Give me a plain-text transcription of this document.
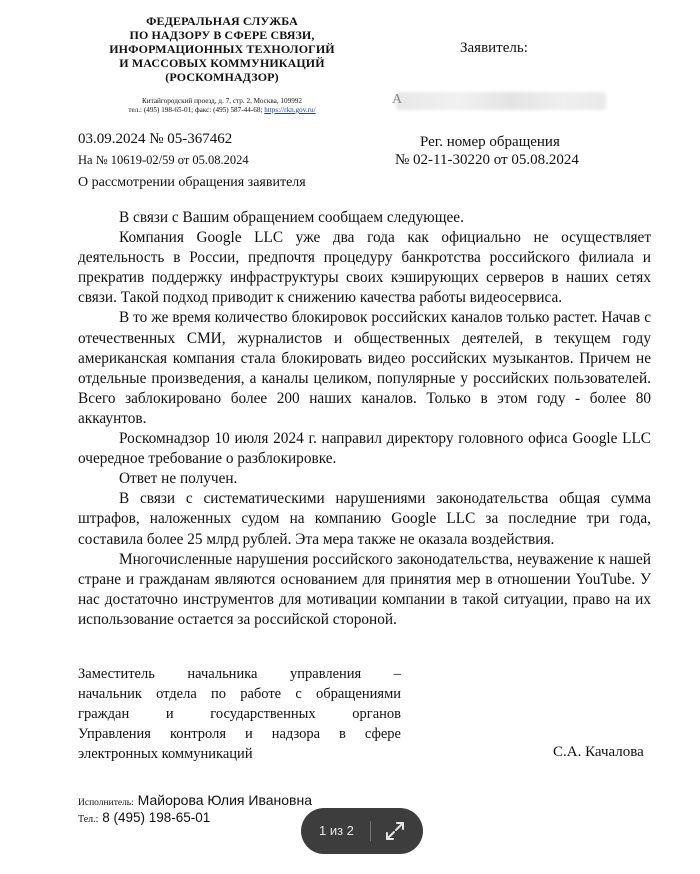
ФЕДЕРАЛЬНАЯ СЛУЖБА
ПО НАДЗОРУ В СФЕРЕ СВЯЗИ,
ИНФОРМАЦИОННЫХ ТЕХНОЛОГИЙ
И МАССОВЫХ КОММУНИКАЦИЙ
(РОСКОМНАДЗОР)
Китайгородский проезд, д. 7, стр. 2, Москва, 109992
тел.: (495) 198-65-01; факс: (495) 587-44-68; https://rkn.gov.ru/
Заявитель:
А
03.09.2024 № 05-367462
На № 10619-02/59 от 05.08.2024
О рассмотрении обращения заявителя
Рег. номер обращения
№ 02-11-30220 от 05.08.2024

В связи с Вашим обращением сообщаем следующее.

Компания Google LLC уже два года как официально не осуществляет деятельность в России, предпочтя процедуру банкротства российского филиала и прекратив поддержку инфраструктуры своих кэширующих серверов в наших сетях связи. Такой подход приводит к снижению качества работы видеосервиса.

В то же время количество блокировок российских каналов только растет. Начав с отечественных СМИ, журналистов и общественных деятелей, в текущем году американская компания стала блокировать видео российских музыкантов. Причем не отдельные произведения, а каналы целиком, популярные у российских пользователей. Всего заблокировано более 200 наших каналов. Только в этом году - более 80 аккаунтов.

Роскомнадзор 10 июля 2024 г. направил директору головного офиса Google LLC очередное требование о разблокировке.

Ответ не получен.

В связи с систематическими нарушениями законодательства общая сумма штрафов, наложенных судом на компанию Google LLC за последние три года, составила более 25 млрд рублей. Эта мера также не оказала воздействия.

Многочисленные нарушения российского законодательства, неуважение к нашей стране и гражданам являются основанием для принятия мер в отношении YouTube. У нас достаточно инструментов для мотивации компании в такой ситуации, право на их использование остается за российской стороной.

Заместитель начальника управления –
начальник отдела по работе с обращениями
граждан и государственных органов
Управления контроля и надзора в сфере
электронных коммуникаций	С.А. Качалова
Исполнитель: Майорова Юлия Ивановна
Тел.: 8 (495) 198-65-01
1 из 2
